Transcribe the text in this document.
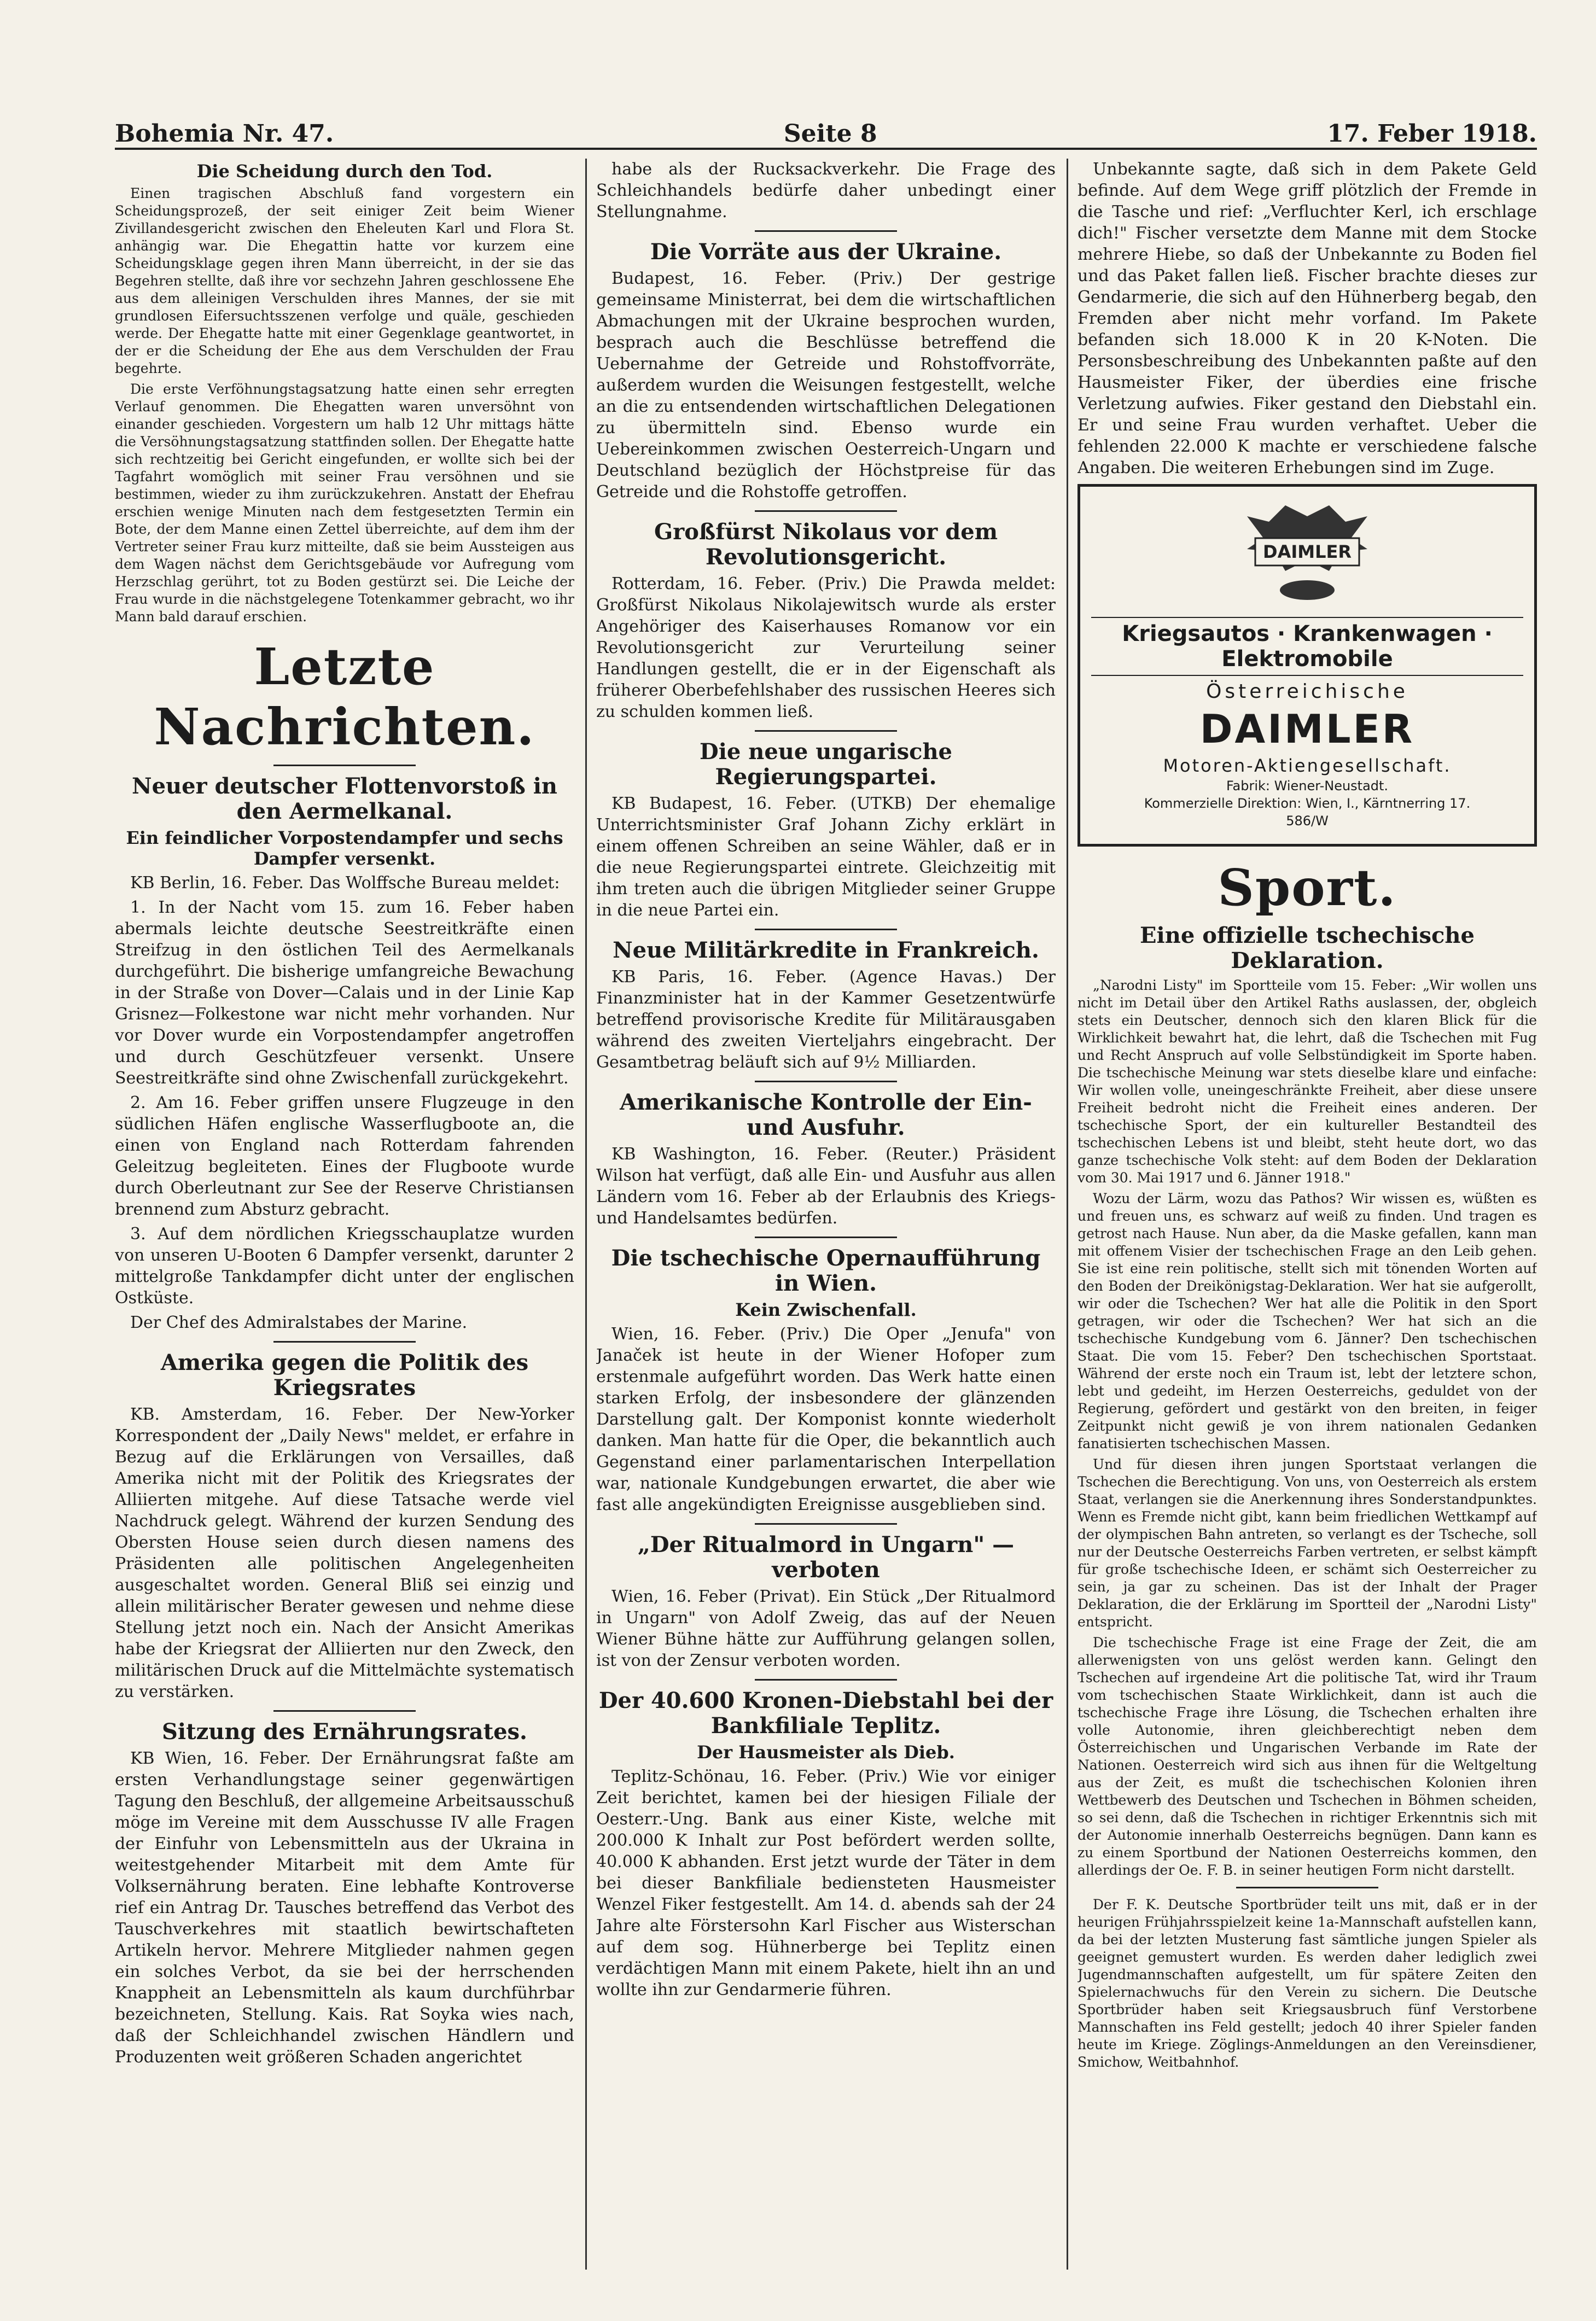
Bohemia Nr. 47.	Seite 8	17. Feber 1918.
Die Scheidung durch den Tod.

Einen tragischen Abschluß fand vorgestern ein Scheidungsprozeß, der seit einiger Zeit beim Wiener Zivillandesgericht zwischen den Eheleuten Karl und Flora St. anhängig war. Die Ehegattin hatte vor kurzem eine Scheidungsklage gegen ihren Mann überreicht, in der sie das Begehren stellte, daß ihre vor sechzehn Jahren geschlossene Ehe aus dem alleinigen Verschulden ihres Mannes, der sie mit grundlosen Eifersuchtsszenen verfolge und quäle, geschieden werde. Der Ehegatte hatte mit einer Gegenklage geantwortet, in der er die Scheidung der Ehe aus dem Verschulden der Frau begehrte.

Die erste Verföhnungstagsatzung hatte einen sehr erregten Verlauf genommen. Die Ehegatten waren unversöhnt von einander geschieden. Vorgestern um halb 12 Uhr mittags hätte die Versöhnungstagsatzung stattfinden sollen. Der Ehegatte hatte sich rechtzeitig bei Gericht eingefunden, er wollte sich bei der Tagfahrt womöglich mit seiner Frau versöhnen und sie bestimmen, wieder zu ihm zurückzukehren. Anstatt der Ehefrau erschien wenige Minuten nach dem festgesetzten Termin ein Bote, der dem Manne einen Zettel überreichte, auf dem ihm der Vertreter seiner Frau kurz mitteilte, daß sie beim Aussteigen aus dem Wagen nächst dem Gerichtsgebäude vor Aufregung vom Herzschlag gerührt, tot zu Boden gestürzt sei. Die Leiche der Frau wurde in die nächstgelegene Totenkammer gebracht, wo ihr Mann bald darauf erschien.

Letzte Nachrichten.
Neuer deutscher Flottenvorstoß in den Aermelkanal.
Ein feindlicher Vorpostendampfer und sechs Dampfer versenkt.

KB Berlin, 16. Feber. Das Wolffsche Bureau meldet:

1. In der Nacht vom 15. zum 16. Feber haben abermals leichte deutsche Seestreitkräfte einen Streifzug in den östlichen Teil des Aermelkanals durchgeführt. Die bisherige umfangreiche Bewachung in der Straße von Dover—Calais und in der Linie Kap Grisnez—Folkestone war nicht mehr vorhanden. Nur vor Dover wurde ein Vorpostendampfer angetroffen und durch Geschützfeuer versenkt. Unsere Seestreitkräfte sind ohne Zwischenfall zurückgekehrt.

2. Am 16. Feber griffen unsere Flugzeuge in den südlichen Häfen englische Wasserflugboote an, die einen von England nach Rotterdam fahrenden Geleitzug begleiteten. Eines der Flugboote wurde durch Oberleutnant zur See der Reserve Christiansen brennend zum Absturz gebracht.

3. Auf dem nördlichen Kriegsschauplatze wurden von unseren U-Booten 6 Dampfer versenkt, darunter 2 mittelgroße Tankdampfer dicht unter der englischen Ostküste.

Der Chef des Admiralstabes der Marine.

Amerika gegen die Politik des Kriegsrates

KB. Amsterdam, 16. Feber. Der New-Yorker Korrespondent der „Daily News" meldet, er erfahre in Bezug auf die Erklärungen von Versailles, daß Amerika nicht mit der Politik des Kriegsrates der Alliierten mitgehe. Auf diese Tatsache werde viel Nachdruck gelegt. Während der kurzen Sendung des Obersten House seien durch diesen namens des Präsidenten alle politischen Angelegenheiten ausgeschaltet worden. General Bliß sei einzig und allein militärischer Berater gewesen und nehme diese Stellung jetzt noch ein. Nach der Ansicht Amerikas habe der Kriegsrat der Alliierten nur den Zweck, den militärischen Druck auf die Mittelmächte systematisch zu verstärken.

Sitzung des Ernährungsrates.

KB Wien, 16. Feber. Der Ernährungsrat faßte am ersten Verhandlungstage seiner gegenwärtigen Tagung den Beschluß, der allgemeine Arbeitsausschuß möge im Vereine mit dem Ausschusse IV alle Fragen der Einfuhr von Lebensmitteln aus der Ukraina in weitestgehender Mitarbeit mit dem Amte für Volksernährung beraten. Eine lebhafte Kontroverse rief ein Antrag Dr. Tausches betreffend das Verbot des Tauschverkehres mit staatlich bewirtschafteten Artikeln hervor. Mehrere Mitglieder nahmen gegen ein solches Verbot, da sie bei der herrschenden Knappheit an Lebensmitteln als kaum durchführbar bezeichneten, Stellung. Kais. Rat Soyka wies nach, daß der Schleichhandel zwischen Händlern und Produzenten weit größeren Schaden angerichtet

habe als der Rucksackverkehr. Die Frage des Schleichhandels bedürfe daher unbedingt einer Stellungnahme.

Die Vorräte aus der Ukraine.

Budapest, 16. Feber. (Priv.) Der gestrige gemeinsame Ministerrat, bei dem die wirtschaftlichen Abmachungen mit der Ukraine besprochen wurden, besprach auch die Beschlüsse betreffend die Uebernahme der Getreide und Rohstoffvorräte, außerdem wurden die Weisungen festgestellt, welche an die zu entsendenden wirtschaftlichen Delegationen zu übermitteln sind. Ebenso wurde ein Uebereinkommen zwischen Oesterreich-Ungarn und Deutschland bezüglich der Höchstpreise für das Getreide und die Rohstoffe getroffen.

Großfürst Nikolaus vor dem Revolutionsgericht.

Rotterdam, 16. Feber. (Priv.) Die Prawda meldet: Großfürst Nikolaus Nikolajewitsch wurde als erster Angehöriger des Kaiserhauses Romanow vor ein Revolutionsgericht zur Verurteilung seiner Handlungen gestellt, die er in der Eigenschaft als früherer Oberbefehlshaber des russischen Heeres sich zu schulden kommen ließ.

Die neue ungarische Regierungspartei.

KB Budapest, 16. Feber. (UTKB) Der ehemalige Unterrichtsminister Graf Johann Zichy erklärt in einem offenen Schreiben an seine Wähler, daß er in die neue Regierungspartei eintrete. Gleichzeitig mit ihm treten auch die übrigen Mitglieder seiner Gruppe in die neue Partei ein.

Neue Militärkredite in Frankreich.

KB Paris, 16. Feber. (Agence Havas.) Der Finanzminister hat in der Kammer Gesetzentwürfe betreffend provisorische Kredite für Militärausgaben während des zweiten Vierteljahrs eingebracht. Der Gesamtbetrag beläuft sich auf 9½ Milliarden.

Amerikanische Kontrolle der Ein- und Ausfuhr.

KB Washington, 16. Feber. (Reuter.) Präsident Wilson hat verfügt, daß alle Ein- und Ausfuhr aus allen Ländern vom 16. Feber ab der Erlaubnis des Kriegs- und Handelsamtes bedürfen.

Die tschechische Opernaufführung in Wien.
Kein Zwischenfall.

Wien, 16. Feber. (Priv.) Die Oper „Jenufa" von Janaček ist heute in der Wiener Hofoper zum erstenmale aufgeführt worden. Das Werk hatte einen starken Erfolg, der insbesondere der glänzenden Darstellung galt. Der Komponist konnte wiederholt danken. Man hatte für die Oper, die bekanntlich auch Gegenstand einer parlamentarischen Interpellation war, nationale Kundgebungen erwartet, die aber wie fast alle angekündigten Ereignisse ausgeblieben sind.

„Der Ritualmord in Ungarn" — verboten

Wien, 16. Feber (Privat). Ein Stück „Der Ritualmord in Ungarn" von Adolf Zweig, das auf der Neuen Wiener Bühne hätte zur Aufführung gelangen sollen, ist von der Zensur verboten worden.

Der 40.600 Kronen-Diebstahl bei der Bankfiliale Teplitz.
Der Hausmeister als Dieb.

Teplitz-Schönau, 16. Feber. (Priv.) Wie vor einiger Zeit berichtet, kamen bei der hiesigen Filiale der Oesterr.-Ung. Bank aus einer Kiste, welche mit 200.000 K Inhalt zur Post befördert werden sollte, 40.000 K abhanden. Erst jetzt wurde der Täter in dem bei dieser Bankfiliale bediensteten Hausmeister Wenzel Fiker festgestellt. Am 14. d. abends sah der 24 Jahre alte Förstersohn Karl Fischer aus Wisterschan auf dem sog. Hühnerberge bei Teplitz einen verdächtigen Mann mit einem Pakete, hielt ihn an und wollte ihn zur Gendarmerie führen.

Unbekannte sagte, daß sich in dem Pakete Geld befinde. Auf dem Wege griff plötzlich der Fremde in die Tasche und rief: „Verfluchter Kerl, ich erschlage dich!" Fischer versetzte dem Manne mit dem Stocke mehrere Hiebe, so daß der Unbekannte zu Boden fiel und das Paket fallen ließ. Fischer brachte dieses zur Gendarmerie, die sich auf den Hühnerberg begab, den Fremden aber nicht mehr vorfand. Im Pakete befanden sich 18.000 K in 20 K-Noten. Die Personsbeschreibung des Unbekannten paßte auf den Hausmeister Fiker, der überdies eine frische Verletzung aufwies. Fiker gestand den Diebstahl ein. Er und seine Frau wurden verhaftet. Ueber die fehlenden 22.000 K machte er verschiedene falsche Angaben. Die weiteren Erhebungen sind im Zuge.

DAIMLER
Kriegsautos · Krankenwagen · Elektromobile
Österreichische
DAIMLER
Motoren-Aktiengesellschaft.
Fabrik: Wiener-Neustadt.
Kommerzielle Direktion: Wien, I., Kärntnerring 17.
586/W
Sport.
Eine offizielle tschechische Deklaration.

„Narodni Listy" im Sportteile vom 15. Feber: „Wir wollen uns nicht im Detail über den Artikel Raths auslassen, der, obgleich stets ein Deutscher, dennoch sich den klaren Blick für die Wirklichkeit bewahrt hat, die lehrt, daß die Tschechen mit Fug und Recht Anspruch auf volle Selbstündigkeit im Sporte haben. Die tschechische Meinung war stets dieselbe klare und einfache: Wir wollen volle, uneingeschränkte Freiheit, aber diese unsere Freiheit bedroht nicht die Freiheit eines anderen. Der tschechische Sport, der ein kultureller Bestandteil des tschechischen Lebens ist und bleibt, steht heute dort, wo das ganze tschechische Volk steht: auf dem Boden der Deklaration vom 30. Mai 1917 und 6. Jänner 1918."

Wozu der Lärm, wozu das Pathos? Wir wissen es, wüßten es und freuen uns, es schwarz auf weiß zu finden. Und tragen es getrost nach Hause. Nun aber, da die Maske gefallen, kann man mit offenem Visier der tschechischen Frage an den Leib gehen. Sie ist eine rein politische, stellt sich mit tönenden Worten auf den Boden der Dreikönigstag-Deklaration. Wer hat sie aufgerollt, wir oder die Tschechen? Wer hat alle die Politik in den Sport getragen, wir oder die Tschechen? Wer hat sich an die tschechische Kundgebung vom 6. Jänner? Den tschechischen Staat. Die vom 15. Feber? Den tschechischen Sportstaat. Während der erste noch ein Traum ist, lebt der letztere schon, lebt und gedeiht, im Herzen Oesterreichs, geduldet von der Regierung, gefördert und gestärkt von den breiten, in feiger Zeitpunkt nicht gewiß je von ihrem nationalen Gedanken fanatisierten tschechischen Massen.

Und für diesen ihren jungen Sportstaat verlangen die Tschechen die Berechtigung. Von uns, von Oesterreich als erstem Staat, verlangen sie die Anerkennung ihres Sonderstandpunktes. Wenn es Fremde nicht gibt, kann beim friedlichen Wettkampf auf der olympischen Bahn antreten, so verlangt es der Tscheche, soll nur der Deutsche Oesterreichs Farben vertreten, er selbst kämpft für große tschechische Ideen, er schämt sich Oesterreicher zu sein, ja gar zu scheinen. Das ist der Inhalt der Prager Deklaration, die der Erklärung im Sportteil der „Narodni Listy" entspricht.

Die tschechische Frage ist eine Frage der Zeit, die am allerwenigsten von uns gelöst werden kann. Gelingt den Tschechen auf irgendeine Art die politische Tat, wird ihr Traum vom tschechischen Staate Wirklichkeit, dann ist auch die tschechische Frage ihre Lösung, die Tschechen erhalten ihre volle Autonomie, ihren gleichberechtigt neben dem Österreichischen und Ungarischen Verbande im Rate der Nationen. Oesterreich wird sich aus ihnen für die Weltgeltung aus der Zeit, es mußt die tschechischen Kolonien ihren Wettbewerb des Deutschen und Tschechen in Böhmen scheiden, so sei denn, daß die Tschechen in richtiger Erkenntnis sich mit der Autonomie innerhalb Oesterreichs begnügen. Dann kann es zu einem Sportbund der Nationen Oesterreichs kommen, den allerdings der Oe. F. B. in seiner heutigen Form nicht darstellt.

Der F. K. Deutsche Sportbrüder teilt uns mit, daß er in der heurigen Frühjahrsspielzeit keine 1a-Mannschaft aufstellen kann, da bei der letzten Musterung fast sämtliche jungen Spieler als geeignet gemustert wurden. Es werden daher lediglich zwei Jugendmannschaften aufgestellt, um für spätere Zeiten den Spielernachwuchs für den Verein zu sichern. Die Deutsche Sportbrüder haben seit Kriegsausbruch fünf Verstorbene Mannschaften ins Feld gestellt; jedoch 40 ihrer Spieler fanden heute im Kriege. Zöglings-Anmeldungen an den Vereinsdiener, Smichow, Weitbahnhof.
